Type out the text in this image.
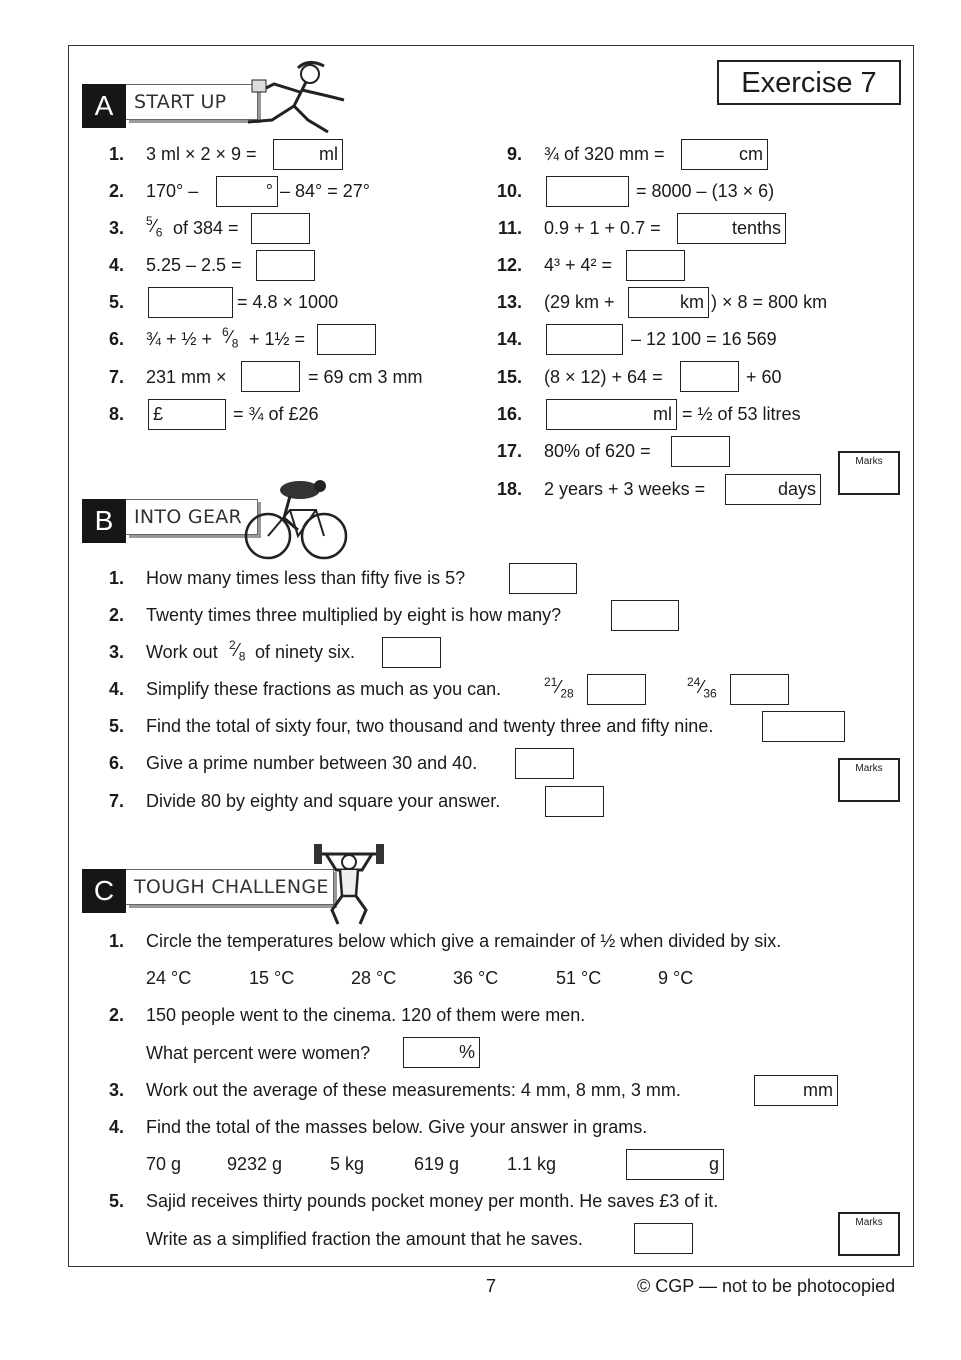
Exercise 7
A	START UP
1. 3 ml × 2 × 9 =	ml
2. 170° –	° – 84° = 27°
3. $^5⁄_6$ of 384 =
4. 5.25 – 2.5 =
5.	= 4.8 × 1000
6. ¾ + ½ + $^6⁄_8$ + 1½ =
7. 231 mm ×	= 69 cm 3 mm
8. £	= ¾ of £26
9. ¾ of 320 mm =	cm
10.	= 8000 – (13 × 6)
11. 0.9 + 1 + 0.7 =	tenths
12. 4³ + 4² =
13. (29 km +	km ) × 8 = 800 km
14.	– 12 100 = 16 569
15. (8 × 12) + 64 =	+ 60
16.	ml = ½ of 53 litres
17. 80% of 620 =
18. 2 years + 3 weeks =	days
Marks
B	INTO GEAR
1. How many times less than fifty five is 5?
2. Twenty times three multiplied by eight is how many?
3. Work out $^2⁄_8$ of ninety six.
4. Simplify these fractions as much as you can.	$^{21}⁄_{28}$
$^{24}⁄_{36}$
5. Find the total of sixty four, two thousand and twenty three and fifty nine.
6. Give a prime number between 30 and 40.
7. Divide 80 by eighty and square your answer.
Marks
C	TOUGH CHALLENGE
1. Circle the temperatures below which give a remainder of ½ when divided by six.
24 °C	15 °C	28 °C	36 °C	51 °C	9 °C
2. 150 people went to the cinema. 120 of them were men.
What percent were women?	%
3. Work out the average of these measurements: 4 mm, 8 mm, 3 mm.	mm
4. Find the total of the masses below. Give your answer in grams.
70 g	9232 g	5 kg	619 g	1.1 kg	g
5. Sajid receives thirty pounds pocket money per month. He saves £3 of it.
Write as a simplified fraction the amount that he saves.
Marks
7	© CGP — not to be photocopied
